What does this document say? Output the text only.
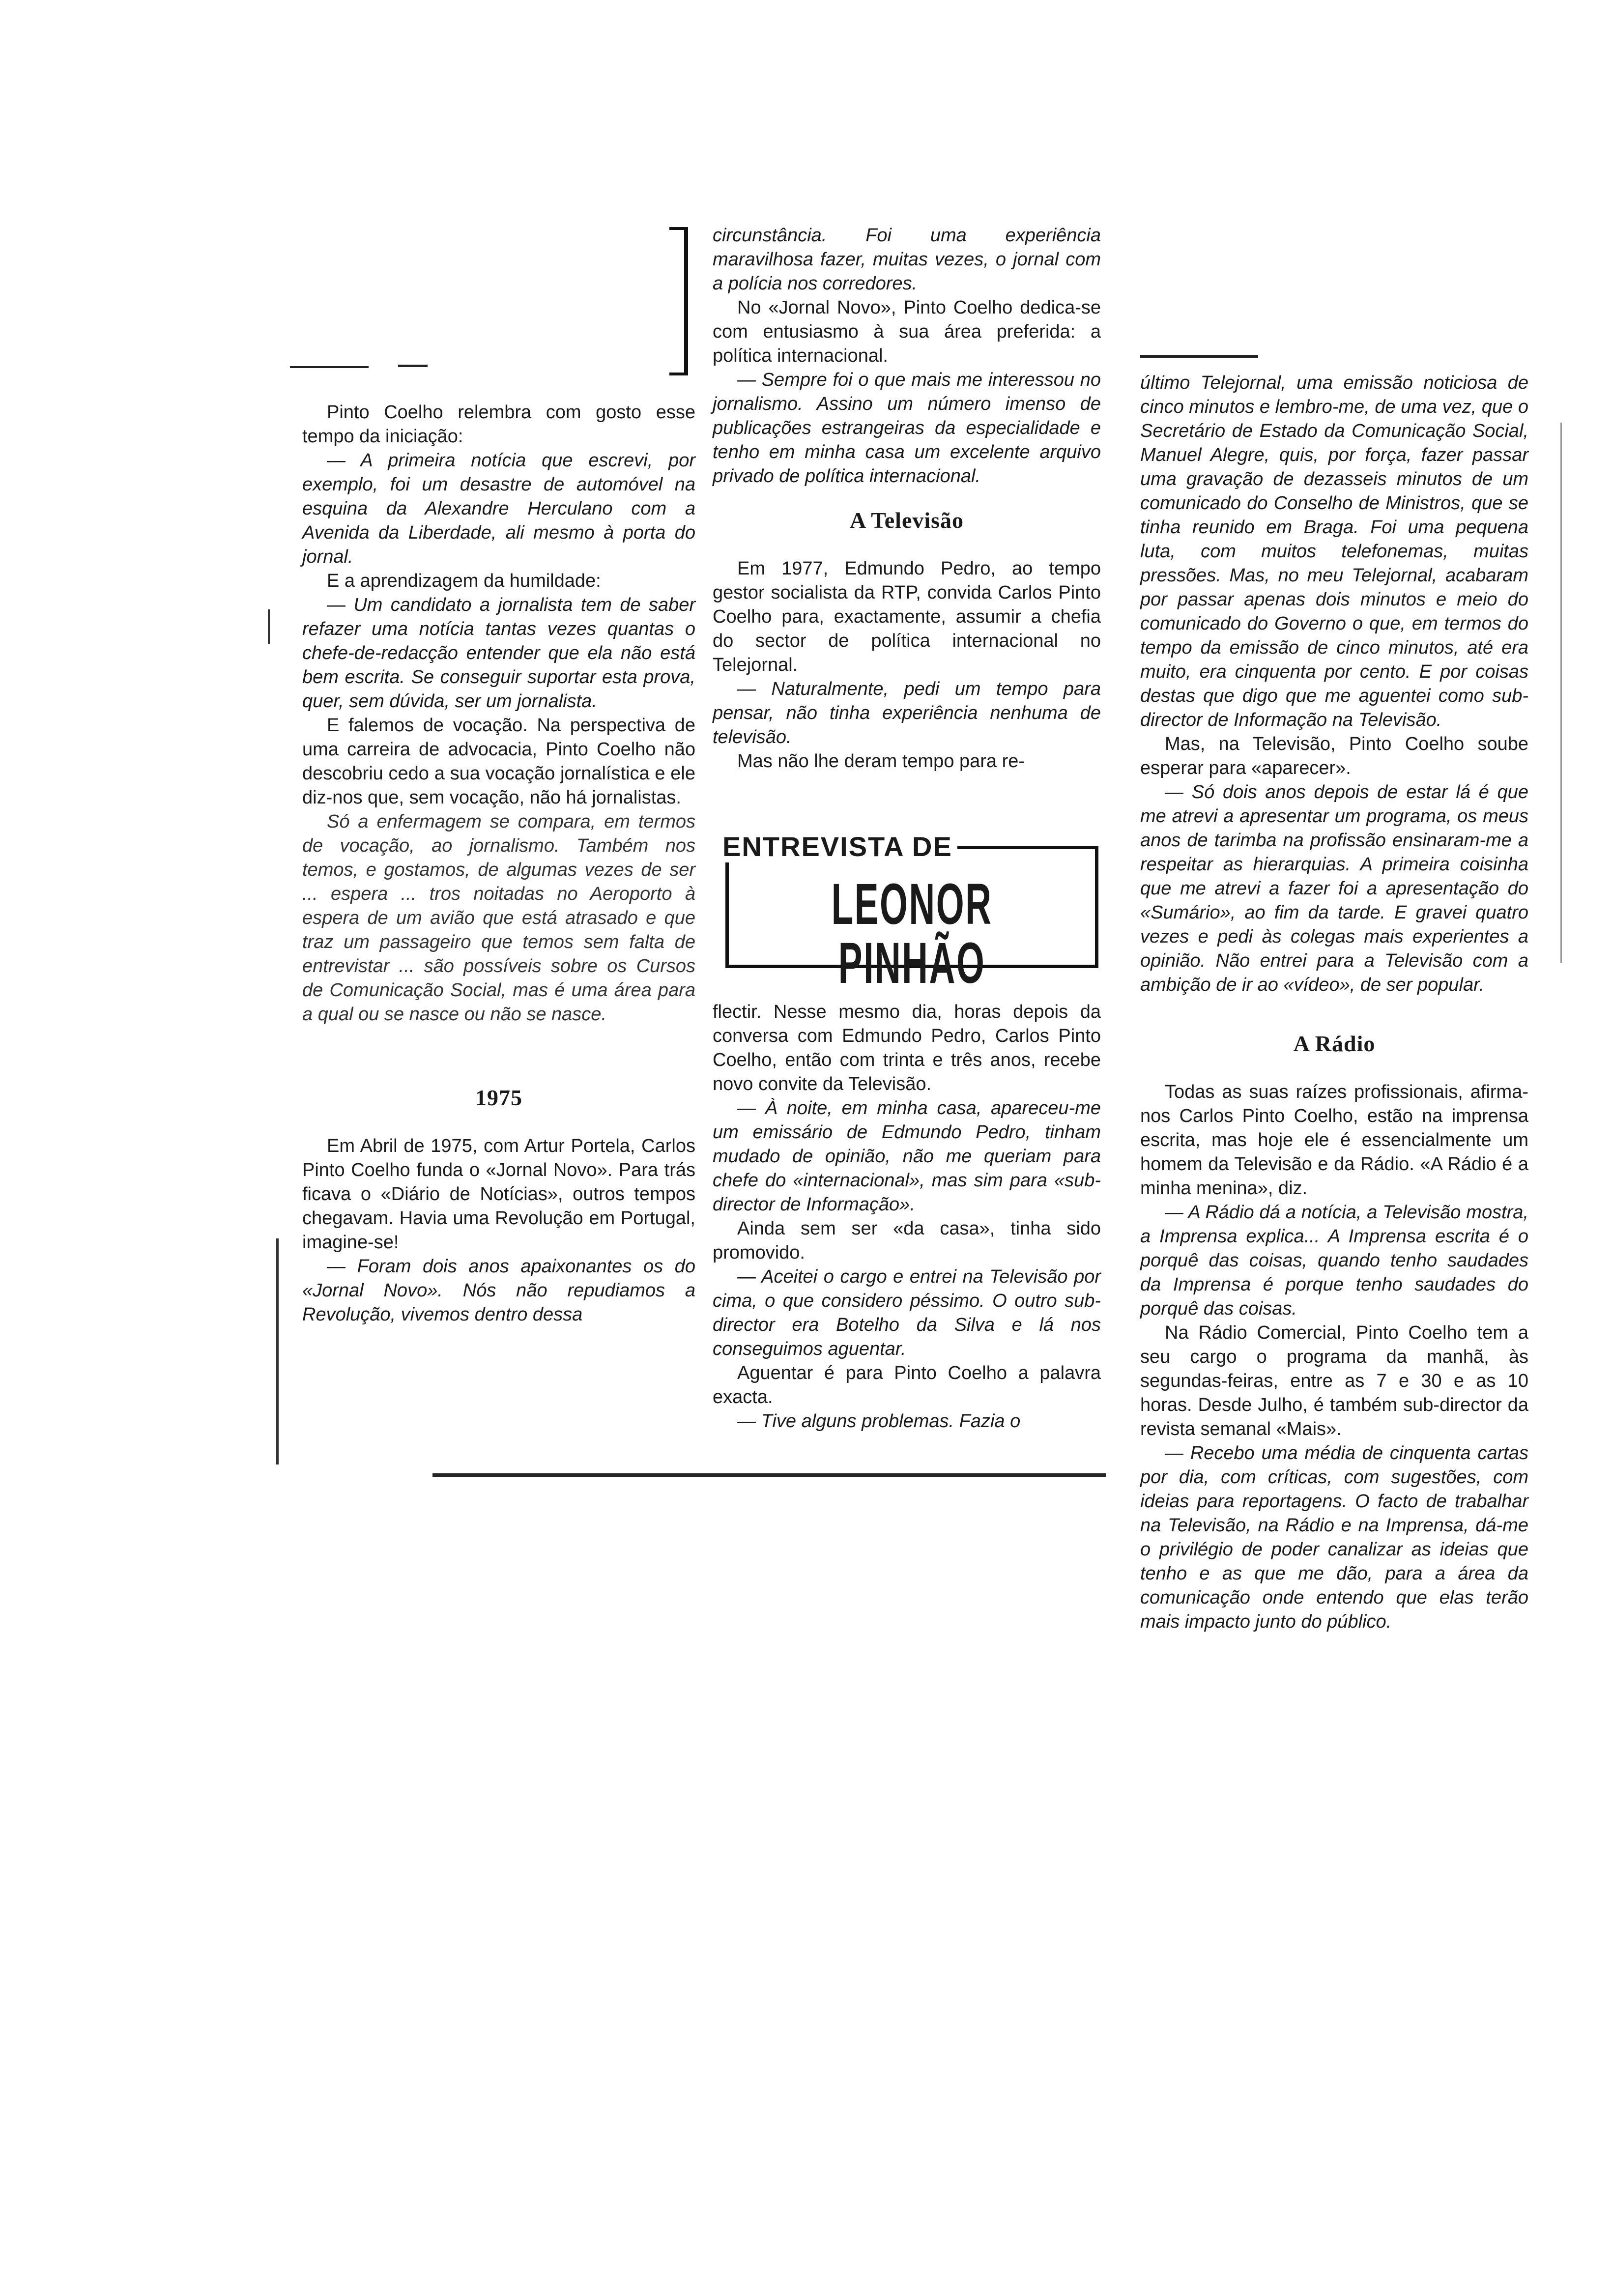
Pinto Coelho relembra com gosto esse tempo da iniciação:

— A primeira notícia que escrevi, por exemplo, foi um desastre de automóvel na esquina da Alexandre Herculano com a Avenida da Liberdade, ali mesmo à porta do jornal.

E a aprendizagem da humildade:

— Um candidato a jornalista tem de saber refazer uma notícia tantas vezes quantas o chefe-de-redacção entender que ela não está bem escrita. Se conseguir suportar esta prova, quer, sem dúvida, ser um jornalista.

E falemos de vocação. Na perspectiva de uma carreira de advocacia, Pinto Coelho não descobriu cedo a sua vocação jornalística e ele diz-nos que, sem vocação, não há jornalistas.

Só a enfermagem se compara, em termos de vocação, ao jornalismo. Também nos temos, e gostamos, de algumas vezes de ser ... espera ... tros noitadas no Aeroporto à espera de um avião que está atrasado e que traz um passageiro que temos sem falta de entrevistar ... são possíveis sobre os Cursos de Comunicação Social, mas é uma área para a qual ou se nasce ou não se nasce.

1975

Em Abril de 1975, com Artur Portela, Carlos Pinto Coelho funda o «Jornal Novo». Para trás ficava o «Diário de Notícias», outros tempos chegavam. Havia uma Revolução em Portugal, imagine-se!

— Foram dois anos apaixonantes os do «Jornal Novo». Nós não repudiamos a Revolução, vivemos dentro dessa

circunstância. Foi uma experiência maravilhosa fazer, muitas vezes, o jornal com a polícia nos corredores.

No «Jornal Novo», Pinto Coelho dedica-se com entusiasmo à sua área preferida: a política internacional.

— Sempre foi o que mais me interessou no jornalismo. Assino um número imenso de publicações estrangeiras da especialidade e tenho em minha casa um excelente arquivo privado de política internacional.

A Televisão

Em 1977, Edmundo Pedro, ao tempo gestor socialista da RTP, convida Carlos Pinto Coelho para, exactamente, assumir a chefia do sector de política internacional no Telejornal.

— Naturalmente, pedi um tempo para pensar, não tinha experiência nenhuma de televisão.

Mas não lhe deram tempo para re-

ENTREVISTA DE
LEONOR PINHÃO

flectir. Nesse mesmo dia, horas depois da conversa com Edmundo Pedro, Carlos Pinto Coelho, então com trinta e três anos, recebe novo convite da Televisão.

— À noite, em minha casa, apareceu-me um emissário de Edmundo Pedro, tinham mudado de opinião, não me queriam para chefe do «internacional», mas sim para «sub-director de Informação».

Ainda sem ser «da casa», tinha sido promovido.

— Aceitei o cargo e entrei na Televisão por cima, o que considero péssimo. O outro sub-director era Botelho da Silva e lá nos conseguimos aguentar.

Aguentar é para Pinto Coelho a palavra exacta.

— Tive alguns problemas. Fazia o

último Telejornal, uma emissão noticiosa de cinco minutos e lembro-me, de uma vez, que o Secretário de Estado da Comunicação Social, Manuel Alegre, quis, por força, fazer passar uma gravação de dezasseis minutos de um comunicado do Conselho de Ministros, que se tinha reunido em Braga. Foi uma pequena luta, com muitos telefonemas, muitas pressões. Mas, no meu Telejornal, acabaram por passar apenas dois minutos e meio do comunicado do Governo o que, em termos do tempo da emissão de cinco minutos, até era muito, era cinquenta por cento. E por coisas destas que digo que me aguentei como sub-director de Informação na Televisão.

Mas, na Televisão, Pinto Coelho soube esperar para «aparecer».

— Só dois anos depois de estar lá é que me atrevi a apresentar um programa, os meus anos de tarimba na profissão ensinaram-me a respeitar as hierarquias. A primeira coisinha que me atrevi a fazer foi a apresentação do «Sumário», ao fim da tarde. E gravei quatro vezes e pedi às colegas mais experientes a opinião. Não entrei para a Televisão com a ambição de ir ao «vídeo», de ser popular.

A Rádio

Todas as suas raízes profissionais, afirma-nos Carlos Pinto Coelho, estão na imprensa escrita, mas hoje ele é essencialmente um homem da Televisão e da Rádio. «A Rádio é a minha menina», diz.

— A Rádio dá a notícia, a Televisão mostra, a Imprensa explica... A Imprensa escrita é o porquê das coisas, quando tenho saudades da Imprensa é porque tenho saudades do porquê das coisas.

Na Rádio Comercial, Pinto Coelho tem a seu cargo o programa da manhã, às segundas-feiras, entre as 7 e 30 e as 10 horas. Desde Julho, é também sub-director da revista semanal «Mais».

— Recebo uma média de cinquenta cartas por dia, com críticas, com sugestões, com ideias para reportagens. O facto de trabalhar na Televisão, na Rádio e na Imprensa, dá-me o privilégio de poder canalizar as ideias que tenho e as que me dão, para a área da comunicação onde entendo que elas terão mais impacto junto do público.
